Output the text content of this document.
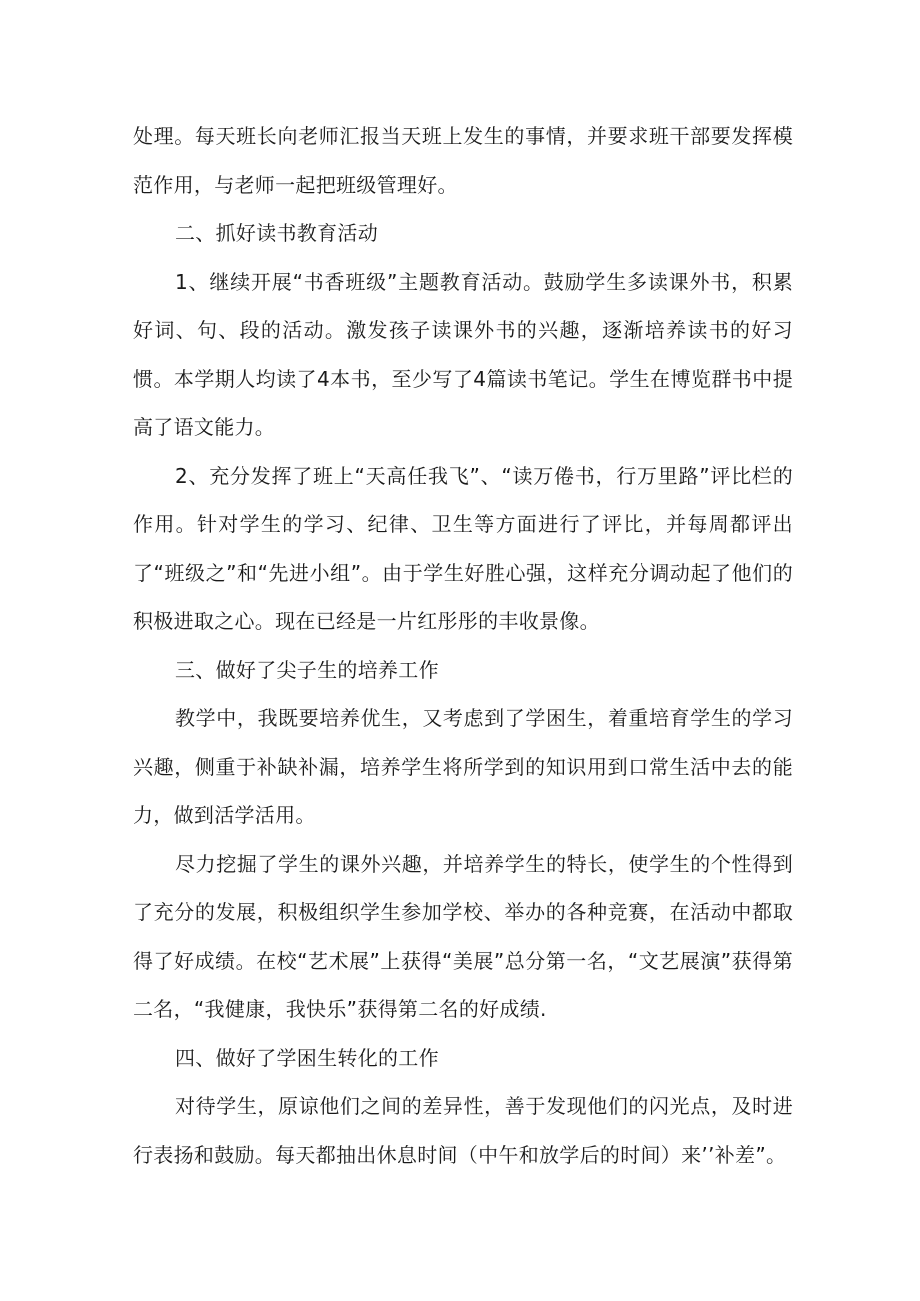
处理。每天班长向老师汇报当天班上发生的事情，并要求班干部要发挥模范作用，与老师一起把班级管理好。

二、抓好读书教育活动

1、继续开展“书香班级”主题教育活动。鼓励学生多读课外书，积累好词、句、段的活动。激发孩子读课外书的兴趣，逐渐培养读书的好习惯。本学期人均读了4本书，至少写了4篇读书笔记。学生在博览群书中提高了语文能力。

2、充分发挥了班上“天高任我飞”、“读万倦书，行万里路”评比栏的作用。针对学生的学习、纪律、卫生等方面进行了评比，并每周都评出了“班级之”和“先进小组”。由于学生好胜心强，这样充分调动起了他们的积极进取之心。现在已经是一片红彤彤的丰收景像。

三、做好了尖子生的培养工作

教学中，我既要培养优生，又考虑到了学困生，着重培育学生的学习兴趣，侧重于补缺补漏，培养学生将所学到的知识用到口常生活中去的能力，做到活学活用。

尽力挖掘了学生的课外兴趣，并培养学生的特长，使学生的个性得到了充分的发展，积极组织学生参加学校、举办的各种竞赛，在活动中都取得了好成绩。在校“艺术展”上获得“美展”总分第一名，“文艺展演”获得第二名，“我健康，我快乐”获得第二名的好成绩.

四、做好了学困生转化的工作

对待学生，原谅他们之间的差异性，善于发现他们的闪光点，及时进行表扬和鼓励。每天都抽出休息时间（中午和放学后的时间）来’’补差”。
